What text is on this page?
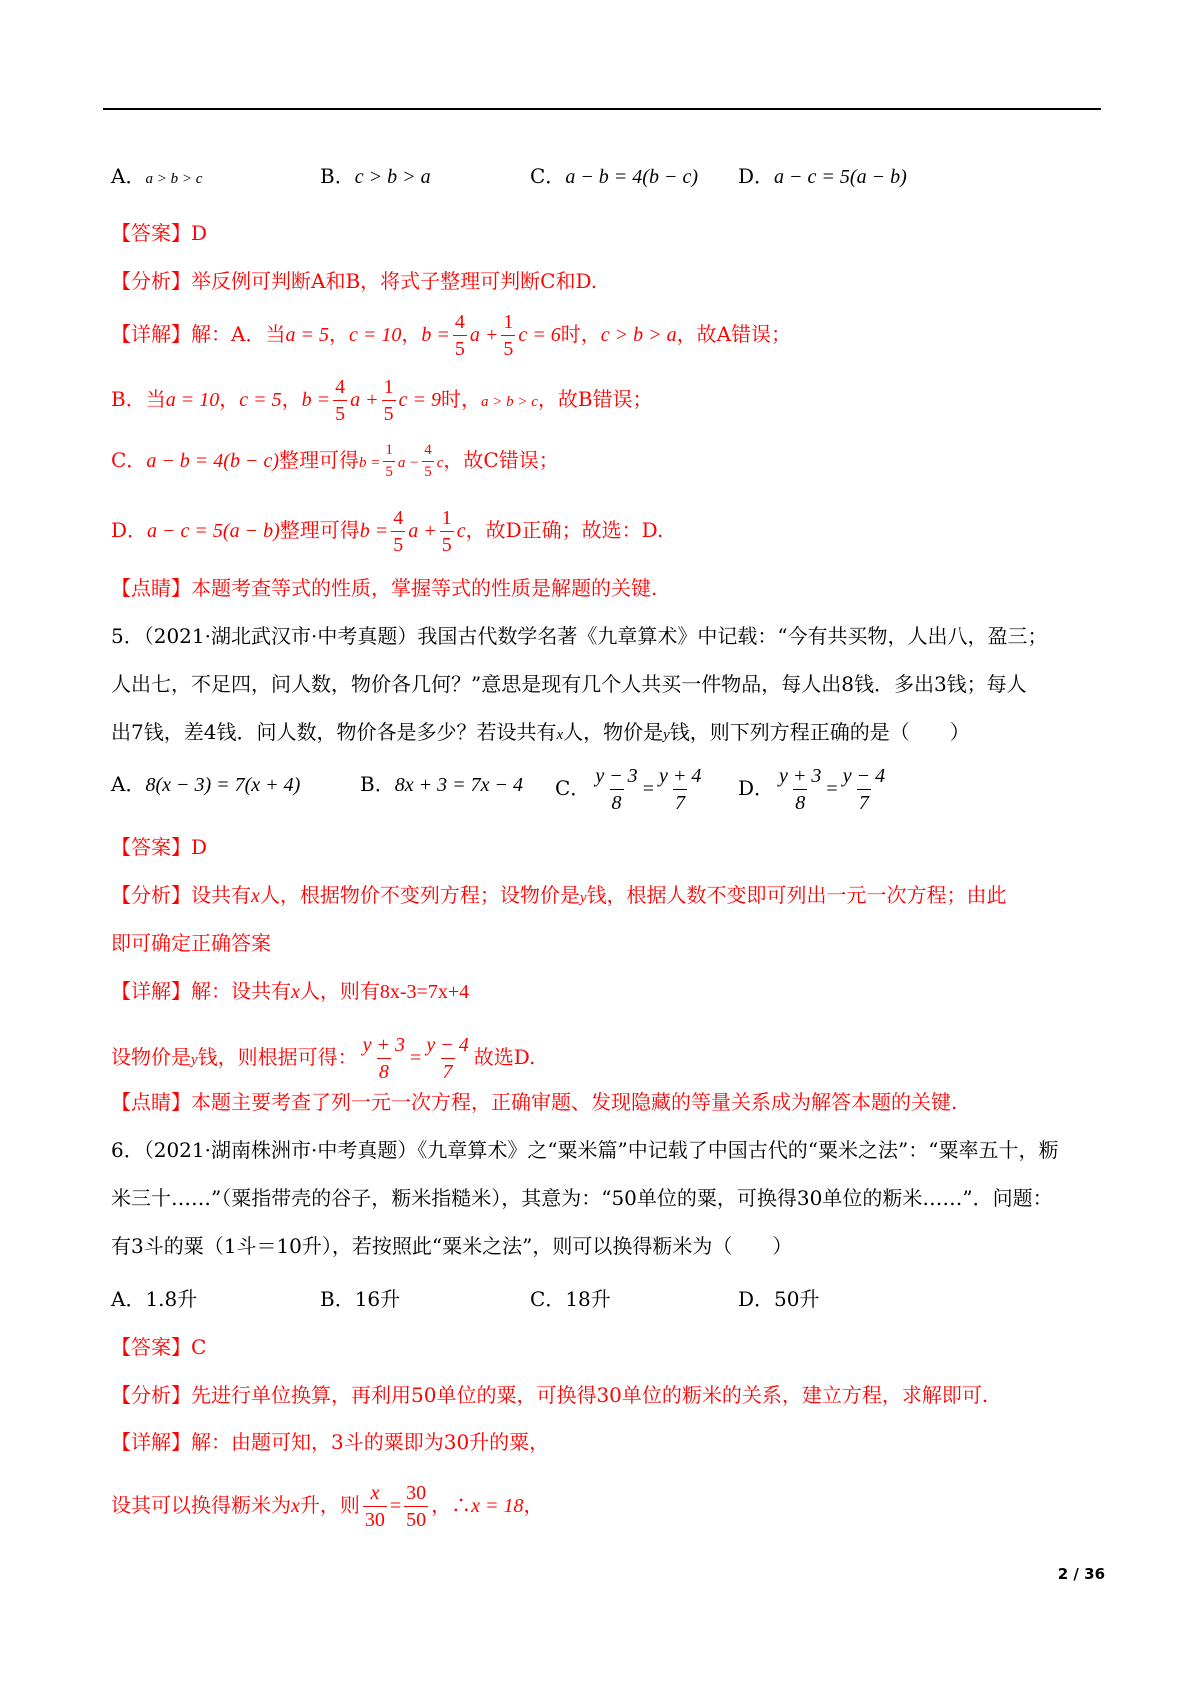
A．a > b > c	B．c > b > a	C．a − b = 4(b − c) D．a − c = 5(a − b)
【答案】D
【分析】举反例可判断A和B，将式子整理可判断C和D.
【详解】解：A．当a = 5，c = 10，$b = \frac{4}{5}$ $a + \frac{1}{5}$ c = 6时，c > b > a，故A错误；
B．当a = 10，c = 5，$b = \frac{4}{5}$ $a + \frac{1}{5}$ c = 9时，a > b > c，故B错误；
C．a − b = 4(b − c)整理可得$b = \frac{1}{5}$ $a - \frac{4}{5}$ c，故C错误；
D．a − c = 5(a − b)整理可得$b = \frac{4}{5}$ $a + \frac{1}{5}$ c，故D正确；故选：D.
【点睛】本题考查等式的性质，掌握等式的性质是解题的关键.
5．（2021·湖北武汉市·中考真题）我国古代数学名著《九章算术》中记载：“今有共买物，人出八，盈三；
人出七，不足四，问人数，物价各几何？”意思是现有几个人共买一件物品，每人出8钱．多出3钱；每人
出7钱，差4钱．问人数，物价各是多少？若设共有x人，物价是y钱，则下列方程正确的是（　　）
A．8(x − 3) = 7(x + 4)	B．8x + 3 = 7x − 4 C． $\frac{y - 3}{8} = \frac{y + 4}{7}$ D． $\frac{y + 3}{8} = \frac{y - 4}{7}$
【答案】D
【分析】设共有x人，根据物价不变列方程；设物价是y钱，根据人数不变即可列出一元一次方程；由此
即可确定正确答案
【详解】解：设共有x人，则有8x-3=7x+4
设物价是y钱，则根据可得： $\frac{y + 3}{8} = \frac{y - 4}{7}$ 故选D.
【点睛】本题主要考查了列一元一次方程，正确审题、发现隐藏的等量关系成为解答本题的关键.
6．（2021·湖南株洲市·中考真题）《九章算术》之“粟米篇”中记载了中国古代的“粟米之法”：“粟率五十，粝
米三十……”（粟指带壳的谷子，粝米指糙米），其意为：“50单位的粟，可换得30单位的粝米……”．问题：
有3斗的粟（1斗＝10升），若按照此“粟米之法”，则可以换得粝米为（　　）
A．1.8升	B．16升	C．18升	D．50升
【答案】C
【分析】先进行单位换算，再利用50单位的粟，可换得30单位的粝米的关系，建立方程，求解即可.
【详解】解：由题可知，3斗的粟即为30升的粟，
设其可以换得粝米为x升，则 $\frac{x}{30} = \frac{30}{50}$ ，∴x = 18，
2 / 36
